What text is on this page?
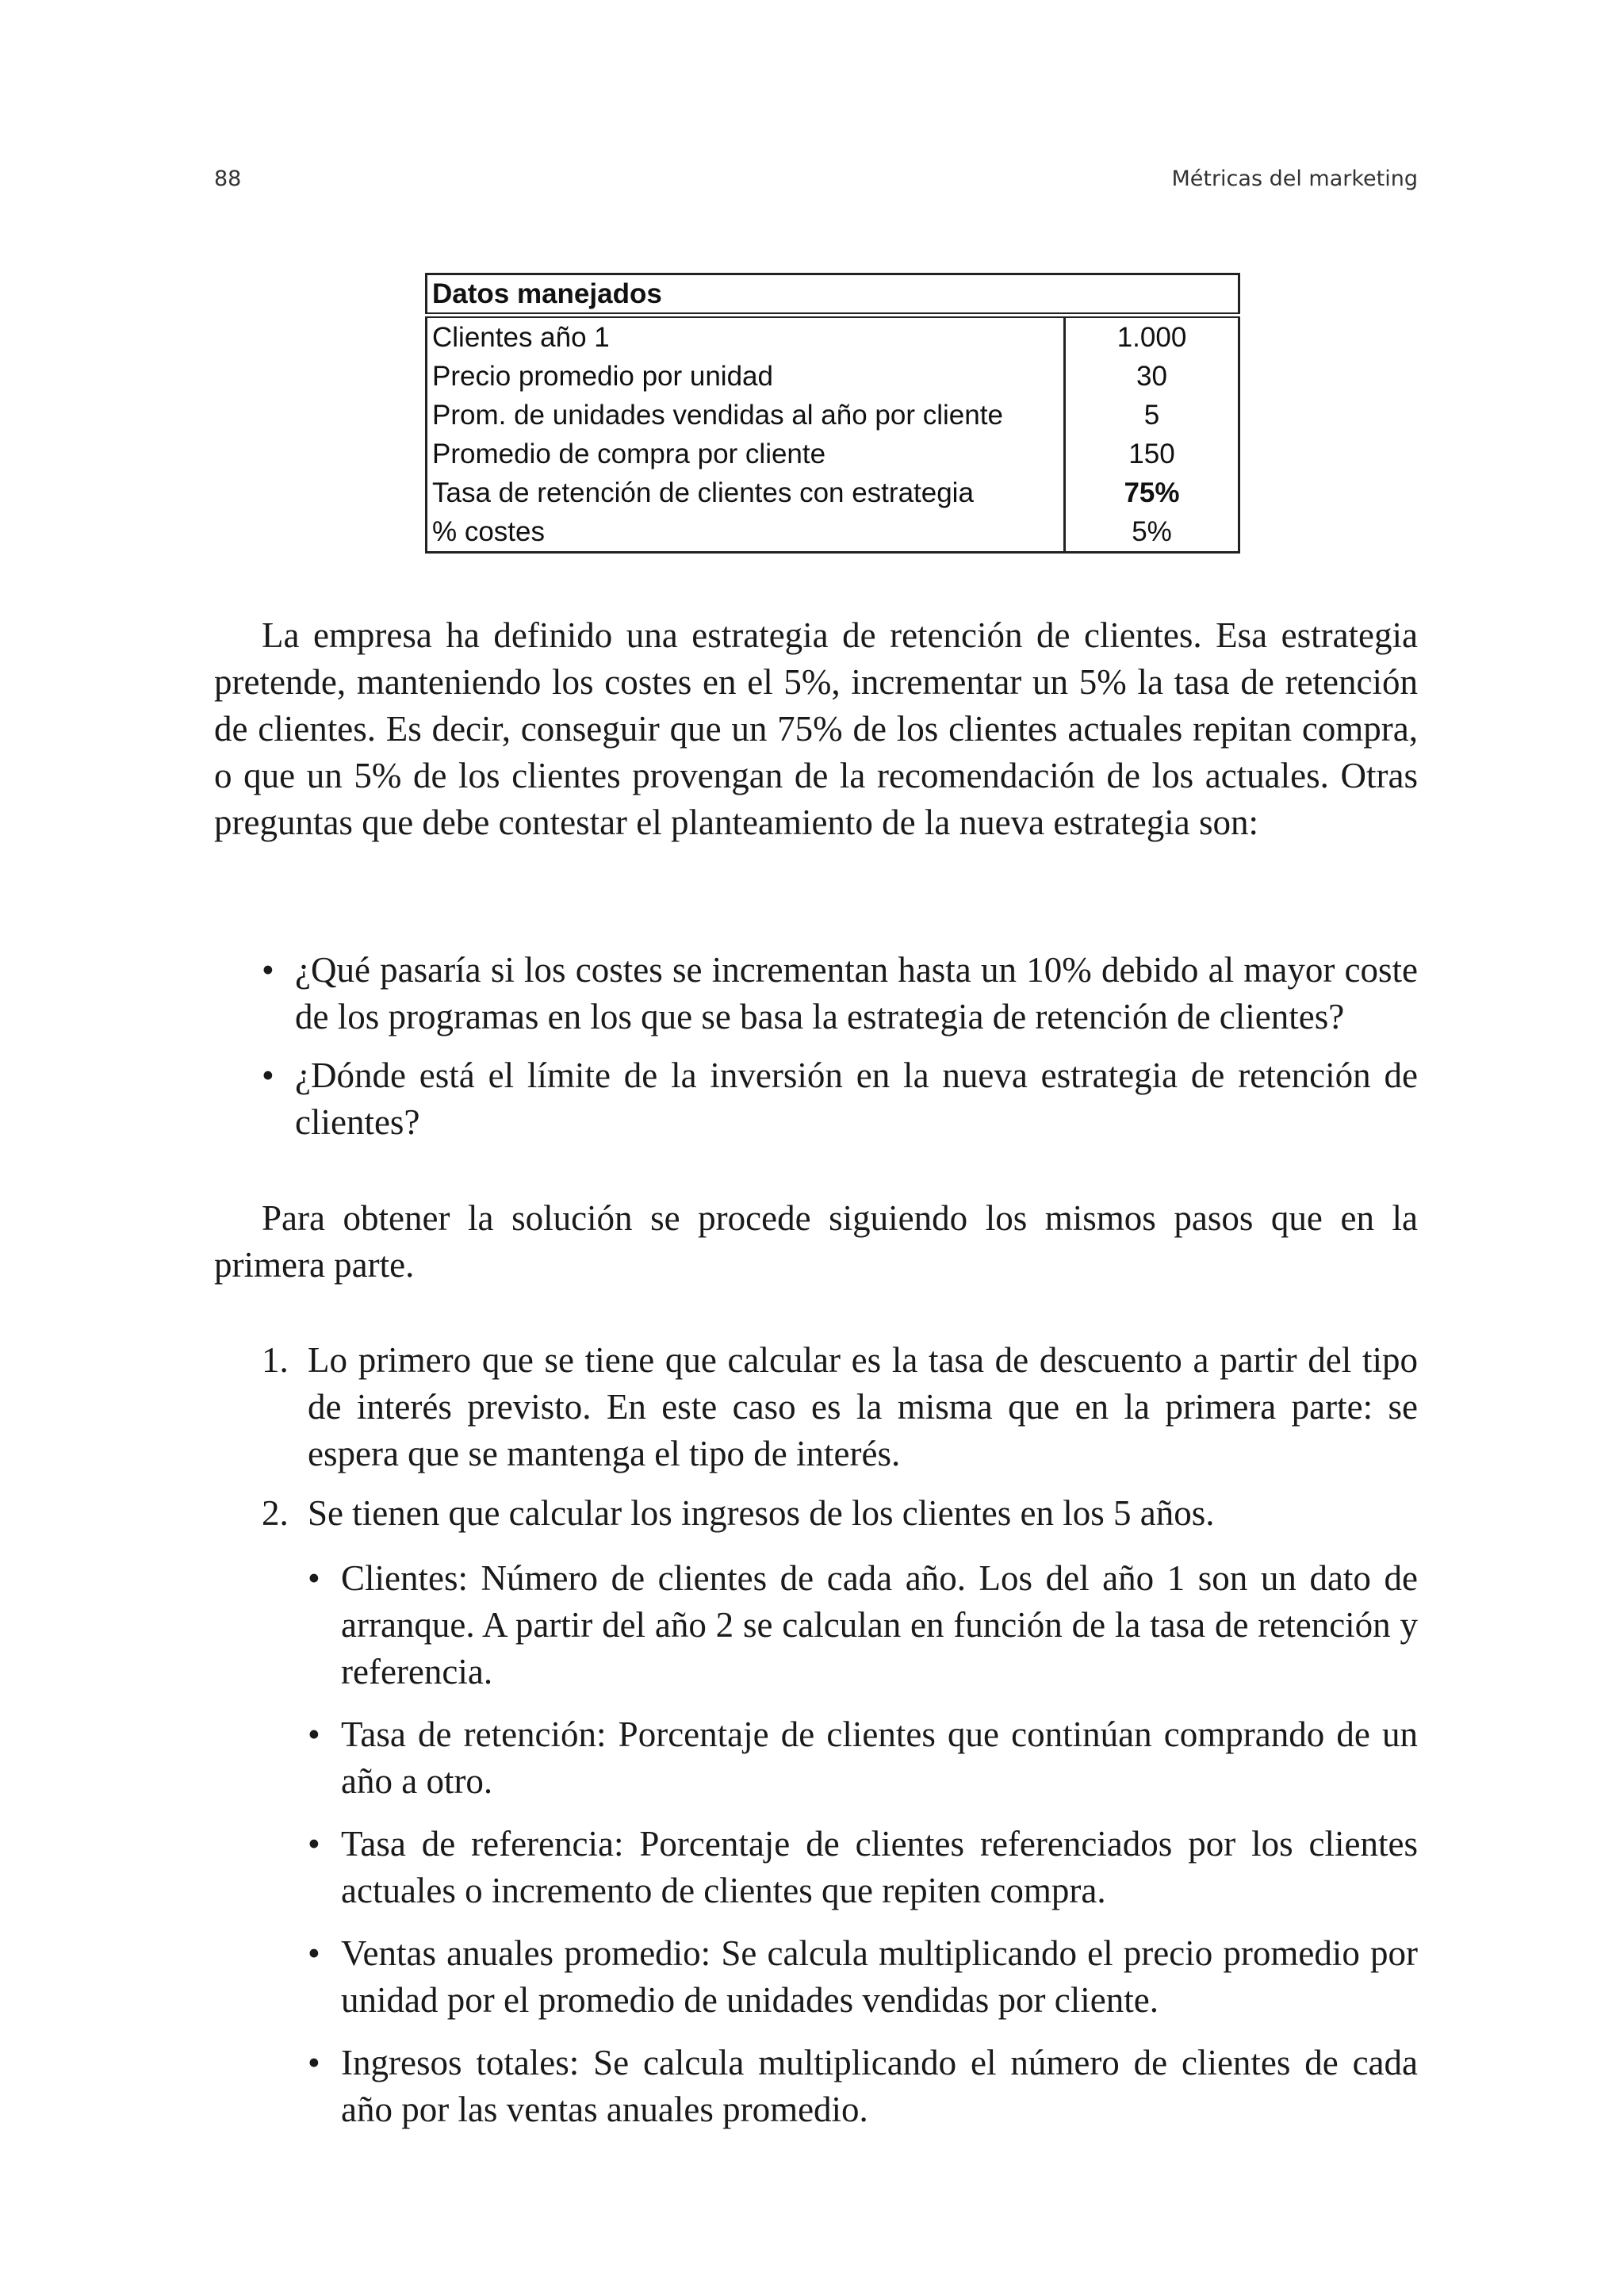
88	Métricas del marketing
Datos manejados	
Clientes año 1	1.000
Precio promedio por unidad	30
Prom. de unidades vendidas al año por cliente	5
Promedio de compra por cliente	150
Tasa de retención de clientes con estrategia	75%
% costes	5%

La empresa ha definido una estrategia de retención de clientes. Esa estrategia pretende, manteniendo los costes en el 5%, incrementar un 5% la tasa de retención de clientes. Es decir, conseguir que un 75% de los clientes actuales repitan compra, o que un 5% de los clientes provengan de la recomendación de los actuales. Otras preguntas que debe contestar el planteamiento de la nueva estrategia son:

• ¿Qué pasaría si los costes se incrementan hasta un 10% debido al mayor coste de los programas en los que se basa la estrategia de retención de clientes?
• ¿Dónde está el límite de la inversión en la nueva estrategia de retención de clientes?

Para obtener la solución se procede siguiendo los mismos pasos que en la primera parte.

1. Lo primero que se tiene que calcular es la tasa de descuento a partir del tipo de interés previsto. En este caso es la misma que en la primera parte: se espera que se mantenga el tipo de interés.
2. Se tienen que calcular los ingresos de los clientes en los 5 años.
• Clientes: Número de clientes de cada año. Los del año 1 son un dato de arranque. A partir del año 2 se calculan en función de la tasa de retención y referencia.
• Tasa de retención: Porcentaje de clientes que continúan comprando de un año a otro.
• Tasa de referencia: Porcentaje de clientes referenciados por los clientes actuales o incremento de clientes que repiten compra.
• Ventas anuales promedio: Se calcula multiplicando el precio promedio por unidad por el promedio de unidades vendidas por cliente.
• Ingresos totales: Se calcula multiplicando el número de clientes de cada año por las ventas anuales promedio.
